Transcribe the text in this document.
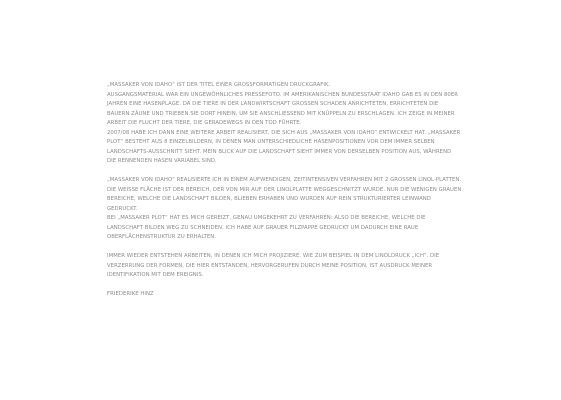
„MASSAKER VON IDAHO“ IST DER TITEL EINER GROSSFORMATIGEN DRUCKGRAFIK.

AUSGANGSMATERIAL WAR EIN UNGEWÖHNLICHES PRESSEFOTO. IM AMERIKANISCHEN BUNDESSTAAT IDAHO GAB ES IN DEN 80ER JAHREN EINE HASENPLAGE. DA DIE TIERE IN DER LANDWIRTSCHAFT GROSSEN SCHADEN ANRICHTETEN, ERRICHTETEN DIE BAUERN ZÄUNE UND TRIEBEN SIE DORT HINEIN, UM SIE ANSCHLIESSEND MIT KNÜPPELN ZU ERSCHLAGEN. ICH ZEIGE IN MEINER ARBEIT DIE FLUCHT DER TIERE, DIE GERADEWEGS IN DEN TOD FÜHRTE.

2007/08 HABE ICH DANN EINE WEITERE ARBEIT REALISIERT, DIE SICH AUS „MASSAKER VON IDAHO“ ENTWICKELT HAT. „MASSAKER PLOT“ BESTEHT AUS 8 EINZELBILDERN, IN DENEN MAN UNTERSCHIEDLICHE HASENPOSITIONEN VOR DEM IMMER SELBEN LANDSCHAFTS-AUSSCHNITT SIEHT. MEIN BLICK AUF DIE LANDSCHAFT SIEHT IMMER VON DERSELBEN POSITION AUS, WÄHREND DIE RENNENDEN HASEN VARIABEL SIND.

„MASSAKER VON IDAHO“ REALISIERTE ICH IN EINEM AUFWENDIGEN, ZEITINTENSIVEN VERFAHREN MIT 2 GROSSEN LINOL-PLATTEN. DIE WEISSE FLÄCHE IST DER BEREICH, DER VON MIR AUF DER LINOLPLATTE WEGGESCHNITZT WURDE. NUR DIE WENIGEN GRAUEN BEREICHE, WELCHE DIE LANDSCHAFT BILDEN, BLIEBEN ERHABEN UND WURDEN AUF REIN STRUKTURIERTER LEINWAND GEDRUCKT.

BEI „MASSAKER PLOT“ HAT ES MICH GEREIZT, GENAU UMGEKEHRT ZU VERFAHREN: ALSO DIE BEREICHE, WELCHE DIE LANDSCHAFT BILDEN WEG ZU SCHNEIDEN. ICH HABE AUF GRAUER FILZPAPPE GEDRUCKT UM DADURCH EINE RAUE OBERFLÄCHENSTRUKTUR ZU ERHALTEN.

IMMER WIEDER ENTSTEHEN ARBEITEN, IN DENEN ICH MICH PROJIZIERE. WIE ZUM BEISPIEL IN DEM LINOLDRUCK „ICH“. DIE VERZERRUNG DER FORMEN, DIE HIER ENTSTANDEN, HERVORGERUFEN DURCH MEINE POSITION, IST AUSDRUCK MEINER IDENTIFIKATION MIT DEM EREIGNIS.

FRIEDERIKE HINZ
